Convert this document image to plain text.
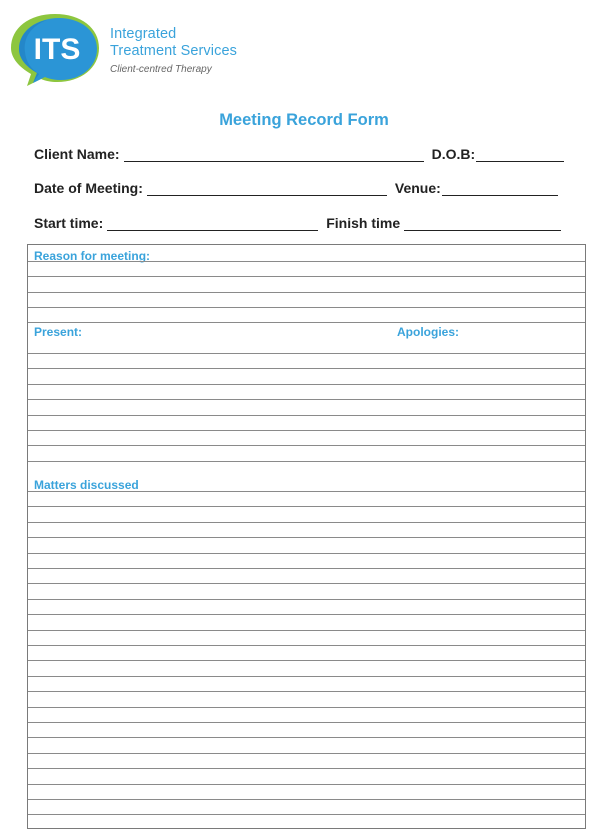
ITS Integrated
Treatment Services
Client-centred Therapy
Meeting Record Form
Client Name:	D.O.B:
Date of Meeting:	Venue:
Start time:	Finish time
Reason for meeting:
Present:	Apologies:
Matters discussed
